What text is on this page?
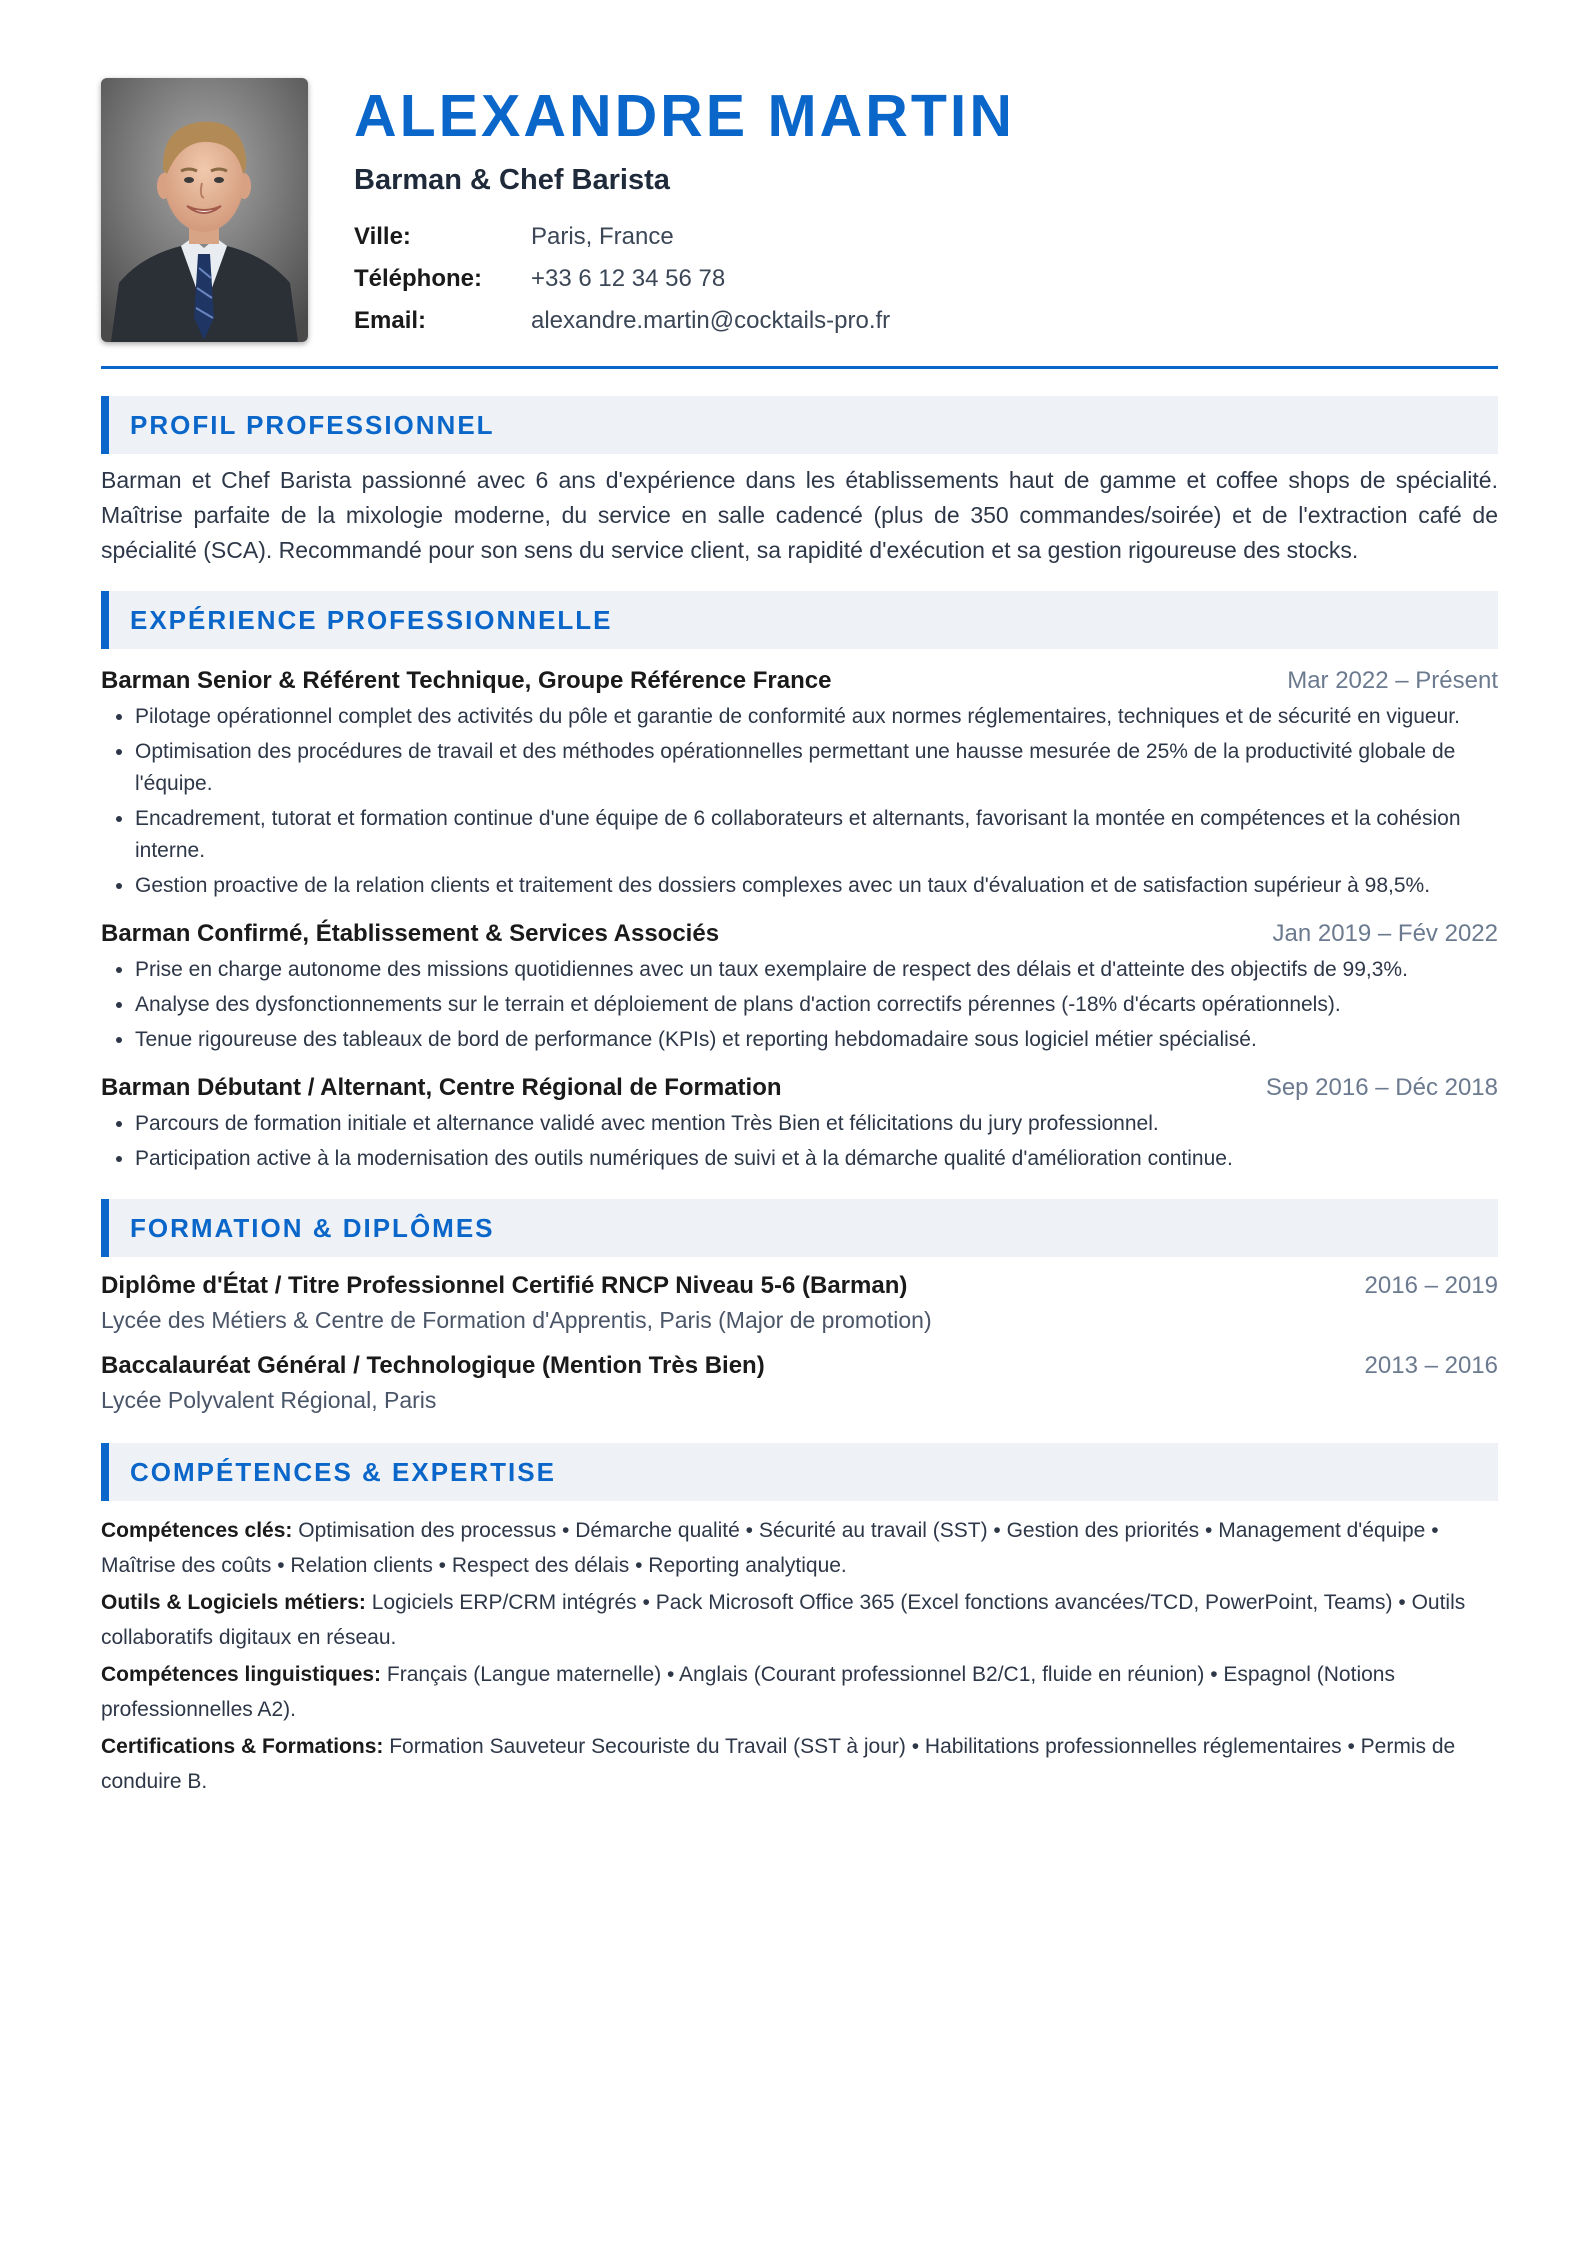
ALEXANDRE MARTIN
Barman & Chef Barista
Ville:	Paris, France
Téléphone:	+33 6 12 34 56 78
Email:	alexandre.martin@cocktails-pro.fr
PROFIL PROFESSIONNEL

Barman et Chef Barista passionné avec 6 ans d'expérience dans les établissements haut de gamme et coffee shops de spécialité. Maîtrise parfaite de la mixologie moderne, du service en salle cadencé (plus de 350 commandes/soirée) et de l'extraction café de spécialité (SCA). Recommandé pour son sens du service client, sa rapidité d'exécution et sa gestion rigoureuse des stocks.

EXPÉRIENCE PROFESSIONNELLE
Barman Senior & Référent Technique, Groupe Référence France	Mar 2022 – Présent
• Pilotage opérationnel complet des activités du pôle et garantie de conformité aux normes réglementaires, techniques et de sécurité en vigueur.
• Optimisation des procédures de travail et des méthodes opérationnelles permettant une hausse mesurée de 25% de la productivité globale de l'équipe.
• Encadrement, tutorat et formation continue d'une équipe de 6 collaborateurs et alternants, favorisant la montée en compétences et la cohésion interne.
• Gestion proactive de la relation clients et traitement des dossiers complexes avec un taux d'évaluation et de satisfaction supérieur à 98,5%.
Barman Confirmé, Établissement & Services Associés	Jan 2019 – Fév 2022
• Prise en charge autonome des missions quotidiennes avec un taux exemplaire de respect des délais et d'atteinte des objectifs de 99,3%.
• Analyse des dysfonctionnements sur le terrain et déploiement de plans d'action correctifs pérennes (-18% d'écarts opérationnels).
• Tenue rigoureuse des tableaux de bord de performance (KPIs) et reporting hebdomadaire sous logiciel métier spécialisé.
Barman Débutant / Alternant, Centre Régional de Formation	Sep 2016 – Déc 2018
• Parcours de formation initiale et alternance validé avec mention Très Bien et félicitations du jury professionnel.
• Participation active à la modernisation des outils numériques de suivi et à la démarche qualité d'amélioration continue.
FORMATION & DIPLÔMES
Diplôme d'État / Titre Professionnel Certifié RNCP Niveau 5-6 (Barman)	2016 – 2019
Lycée des Métiers & Centre de Formation d'Apprentis, Paris (Major de promotion)
Baccalauréat Général / Technologique (Mention Très Bien)	2013 – 2016
Lycée Polyvalent Régional, Paris
COMPÉTENCES & EXPERTISE
Compétences clés: Optimisation des processus • Démarche qualité • Sécurité au travail (SST) • Gestion des priorités • Management d'équipe • Maîtrise des coûts • Relation clients • Respect des délais • Reporting analytique.
Outils & Logiciels métiers: Logiciels ERP/CRM intégrés • Pack Microsoft Office 365 (Excel fonctions avancées/TCD, PowerPoint, Teams) • Outils collaboratifs digitaux en réseau.
Compétences linguistiques: Français (Langue maternelle) • Anglais (Courant professionnel B2/C1, fluide en réunion) • Espagnol (Notions professionnelles A2).
Certifications & Formations: Formation Sauveteur Secouriste du Travail (SST à jour) • Habilitations professionnelles réglementaires • Permis de conduire B.
